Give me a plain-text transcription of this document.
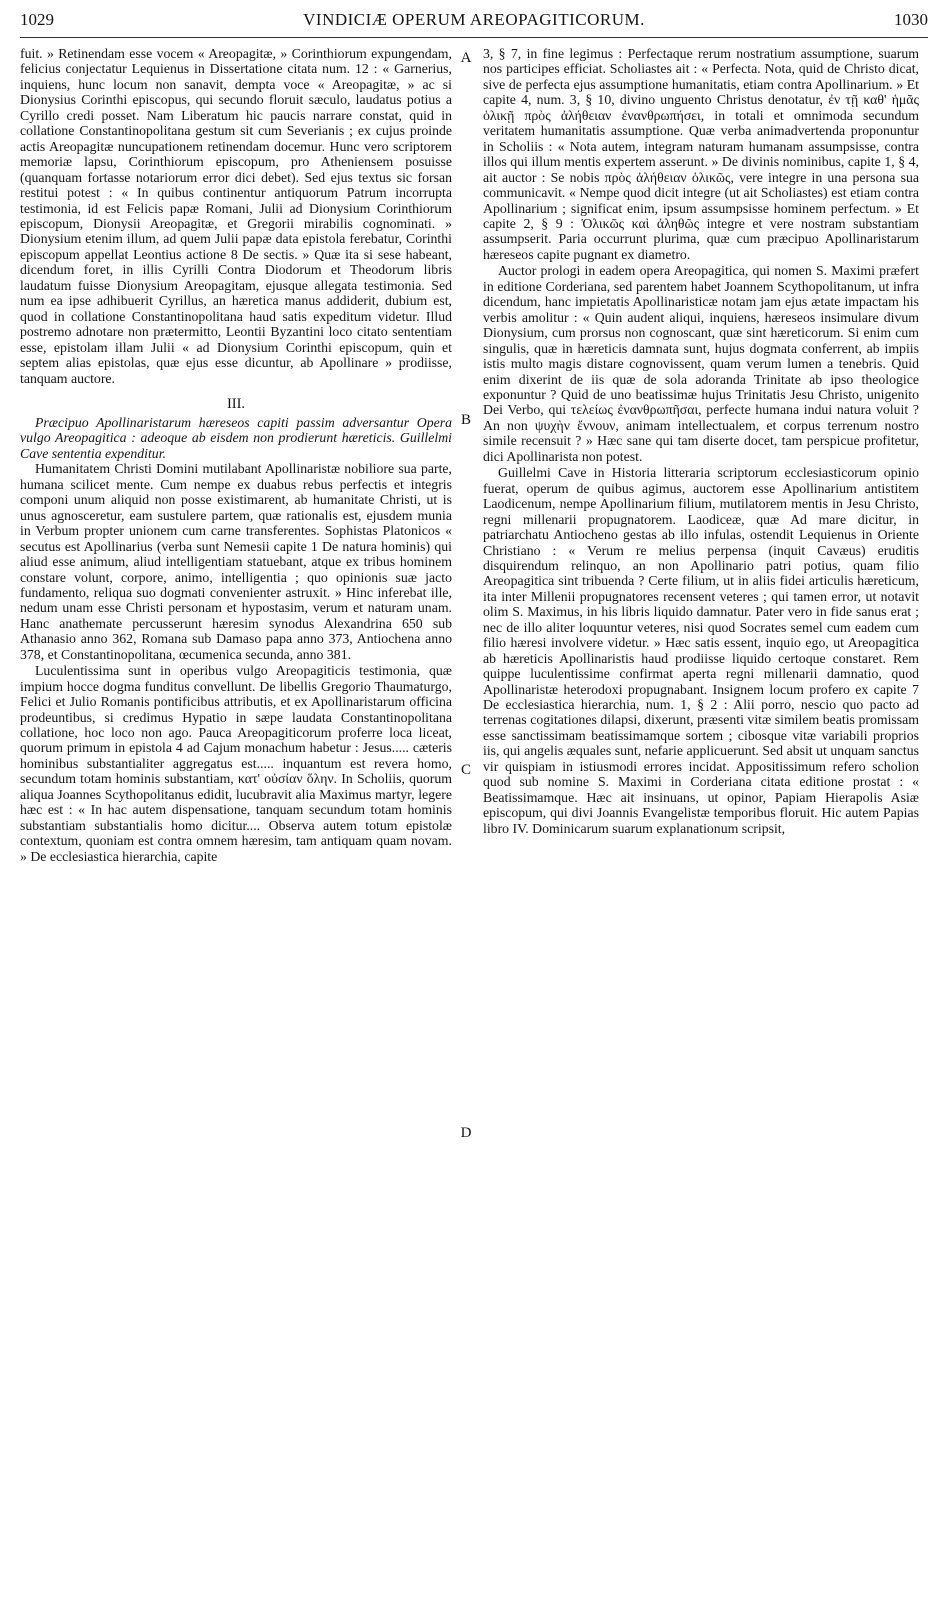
1029	VINDICIÆ OPERUM AREOPAGITICORUM.	1030
A
B
C
D

fuit. » Retinendam esse vocem « Areopagitæ, » Corinthiorum expungendam, felicius conjectatur Lequienus in Dissertatione citata num. 12 : « Garnerius, inquiens, hunc locum non sanavit, dempta voce « Areopagitæ, » ac si Dionysius Corinthi episcopus, qui secundo floruit sæculo, laudatus potius a Cyrillo credi posset. Nam Liberatum hic paucis narrare constat, quid in collatione Constantinopolitana gestum sit cum Severianis ; ex cujus proinde actis Areopagitæ nuncupationem retinendam docemur. Hunc vero scriptorem memoriæ lapsu, Corinthiorum episcopum, pro Atheniensem posuisse (quanquam fortasse notariorum error dici debet). Sed ejus textus sic forsan restitui potest : « In quibus continentur antiquorum Patrum incorrupta testimonia, id est Felicis papæ Romani, Julii ad Dionysium Corinthiorum episcopum, Dionysii Areopagitæ, et Gregorii mirabilis cognominati. » Dionysium etenim illum, ad quem Julii papæ data epistola ferebatur, Corinthi episcopum appellat Leontius actione 8 De sectis. » Quæ ita si sese habeant, dicendum foret, in illis Cyrilli Contra Diodorum et Theodorum libris laudatum fuisse Dionysium Areopagitam, ejusque allegata testimonia. Sed num ea ipse adhibuerit Cyrillus, an hæretica manus addiderit, dubium est, quod in collatione Constantinopolitana haud satis expeditum videtur. Illud postremo adnotare non prætermitto, Leontii Byzantini loco citato sententiam esse, epistolam illam Julii « ad Dionysium Corinthi episcopum, quin et septem alias epistolas, quæ ejus esse dicuntur, ab Apollinare » prodiisse, tanquam auctore.

III.

Præcipuo Apollinaristarum hæreseos capiti passim adversantur Opera vulgo Areopagitica : adeoque ab eisdem non prodierunt hæreticis. Guillelmi Cave sententia expenditur.

Humanitatem Christi Domini mutilabant Apollinaristæ nobiliore sua parte, humana scilicet mente. Cum nempe ex duabus rebus perfectis et integris componi unum aliquid non posse existimarent, ab humanitate Christi, ut is unus agnosceretur, eam sustulere partem, quæ rationalis est, ejusdem munia in Verbum propter unionem cum carne transferentes. Sophistas Platonicos « secutus est Apollinarius (verba sunt Nemesii capite 1 De natura hominis) qui aliud esse animum, aliud intelligentiam statuebant, atque ex tribus hominem constare volunt, corpore, animo, intelligentia ; quo opinionis suæ jacto fundamento, reliqua suo dogmati convenienter astruxit. » Hinc inferebat ille, nedum unam esse Christi personam et hypostasim, verum et naturam unam. Hanc anathemate percusserunt hæresim synodus Alexandrina 650 sub Athanasio anno 362, Romana sub Damaso papa anno 373, Antiochena anno 378, et Constantinopolitana, œcumenica secunda, anno 381.

Luculentissima sunt in operibus vulgo Areopagiticis testimonia, quæ impium hocce dogma funditus convellunt. De libellis Gregorio Thaumaturgo, Felici et Julio Romanis pontificibus attributis, et ex Apollinaristarum officina prodeuntibus, si credimus Hypatio in sæpe laudata Constantinopolitana collatione, hoc loco non ago. Pauca Areopagiticorum proferre loca liceat, quorum primum in epistola 4 ad Cajum monachum habetur : Jesus..... cæteris hominibus substantialiter aggregatus est..... inquantum est revera homo, secundum totam hominis substantiam, κατ' οὐσίαν ὅλην. In Scholiis, quorum aliqua Joannes Scythopolitanus edidit, lucubravit alia Maximus martyr, legere hæc est : « In hac autem dispensatione, tanquam secundum totam hominis substantiam substantialis homo dicitur.... Observa autem totum epistolæ contextum, quoniam est contra omnem hæresim, tam antiquam quam novam. » De ecclesiastica hierarchia, capite

3, § 7, in fine legimus : Perfectaque rerum nostratium assumptione, suarum nos participes efficiat. Scholiastes ait : « Perfecta. Nota, quid de Christo dicat, sive de perfecta ejus assumptione humanitatis, etiam contra Apollinarium. » Et capite 4, num. 3, § 10, divino unguento Christus denotatur, ἐν τῇ καθ' ἡμᾶς ὁλικῇ πρὸς ἀλήθειαν ἐνανθρωπήσει, in totali et omnimoda secundum veritatem humanitatis assumptione. Quæ verba animadvertenda proponuntur in Scholiis : « Nota autem, integram naturam humanam assumpsisse, contra illos qui illum mentis expertem asserunt. » De divinis nominibus, capite 1, § 4, ait auctor : Se nobis πρὸς ἀλήθειαν ὁλικῶς, vere integre in una persona sua communicavit. « Nempe quod dicit integre (ut ait Scholiastes) est etiam contra Apollinarium ; significat enim, ipsum assumpsisse hominem perfectum. » Et capite 2, § 9 : Ὁλικῶς καὶ ἀληθῶς integre et vere nostram substantiam assumpserit. Paria occurrunt plurima, quæ cum præcipuo Apollinaristarum hæreseos capite pugnant ex diametro.

Auctor prologi in eadem opera Areopagitica, qui nomen S. Maximi præfert in editione Corderiana, sed parentem habet Joannem Scythopolitanum, ut infra dicendum, hanc impietatis Apollinaristicæ notam jam ejus ætate impactam his verbis amolitur : « Quin audent aliqui, inquiens, hæreseos insimulare divum Dionysium, cum prorsus non cognoscant, quæ sint hæreticorum. Si enim cum singulis, quæ in hæreticis damnata sunt, hujus dogmata conferrent, ab impiis istis multo magis distare cognovissent, quam verum lumen a tenebris. Quid enim dixerint de iis quæ de sola adoranda Trinitate ab ipso theologice exponuntur ? Quid de uno beatissimæ hujus Trinitatis Jesu Christo, unigenito Dei Verbo, qui τελείως ἐνανθρωπῆσαι, perfecte humana indui natura voluit ? An non ψυχὴν ἔννουν, animam intellectualem, et corpus terrenum nostro simile recensuit ? » Hæc sane qui tam diserte docet, tam perspicue profitetur, dici Apollinarista non potest.

Guillelmi Cave in Historia litteraria scriptorum ecclesiasticorum opinio fuerat, operum de quibus agimus, auctorem esse Apollinarium antistitem Laodicenum, nempe Apollinarium filium, mutilatorem mentis in Jesu Christo, regni millenarii propugnatorem. Laodiceæ, quæ Ad mare dicitur, in patriarchatu Antiocheno gestas ab illo infulas, ostendit Lequienus in Oriente Christiano : « Verum re melius perpensa (inquit Cavæus) eruditis disquirendum relinquo, an non Apollinario patri potius, quam filio Areopagitica sint tribuenda ? Certe filium, ut in aliis fidei articulis hæreticum, ita inter Millenii propugnatores recensent veteres ; qui tamen error, ut notavit olim S. Maximus, in his libris liquido damnatur. Pater vero in fide sanus erat ; nec de illo aliter loquuntur veteres, nisi quod Socrates semel cum eadem cum filio hæresi involvere videtur. » Hæc satis essent, inquio ego, ut Areopagitica ab hæreticis Apollinaristis haud prodiisse liquido certoque constaret. Rem quippe luculentissime confirmat aperta regni millenarii damnatio, quod Apollinaristæ heterodoxi propugnabant. Insignem locum profero ex capite 7 De ecclesiastica hierarchia, num. 1, § 2 : Alii porro, nescio quo pacto ad terrenas cogitationes dilapsi, dixerunt, præsenti vitæ similem beatis promissam esse sanctissimam beatissimamque sortem ; cibosque vitæ variabili proprios iis, qui angelis æquales sunt, nefarie applicuerunt. Sed absit ut unquam sanctus vir quispiam in istiusmodi errores incidat. Appositissimum refero scholion quod sub nomine S. Maximi in Corderiana citata editione prostat : « Beatissimamque. Hæc ait insinuans, ut opinor, Papiam Hierapolis Asiæ episcopum, qui divi Joannis Evangelistæ temporibus floruit. Hic autem Papias libro IV. Dominicarum suarum explanationum scripsit,
